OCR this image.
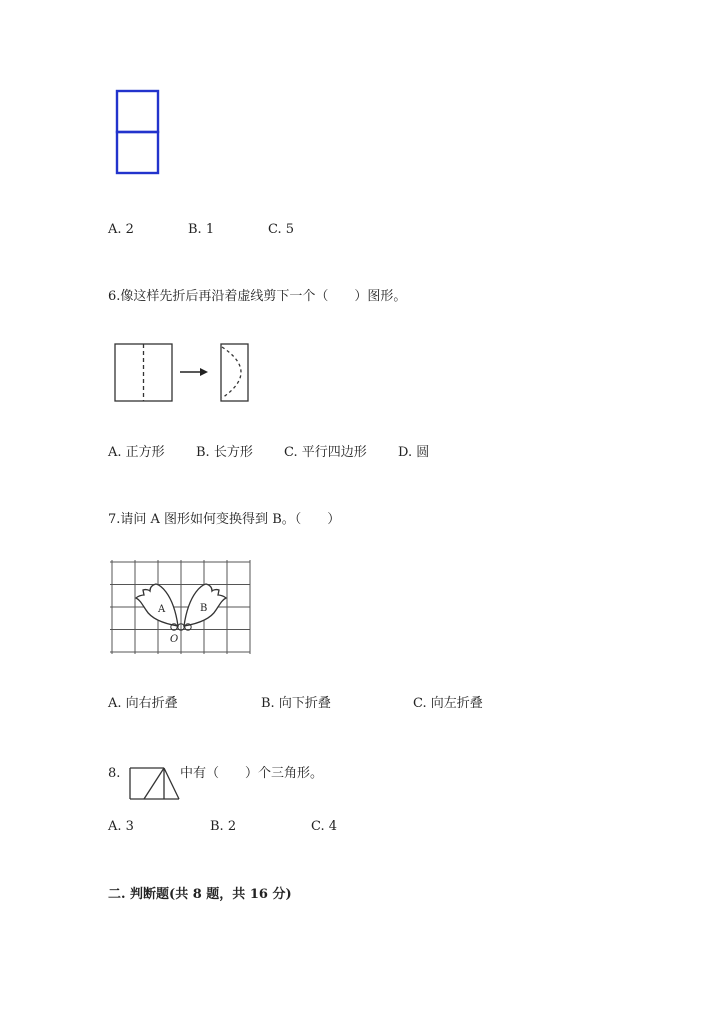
A. 2	B. 1	C. 5
6.像这样先折后再沿着虚线剪下一个（　　）图形。
A. 正方形 B. 长方形 C. 平行四边形 D. 圆
7.请问 A 图形如何变换得到 B。（　　）
A	B
O
A. 向右折叠	B. 向下折叠	C. 向左折叠
8.	中有（　　）个三角形。
A. 3	B. 2	C. 4
二. 判断题(共 8 题，共 16 分)
